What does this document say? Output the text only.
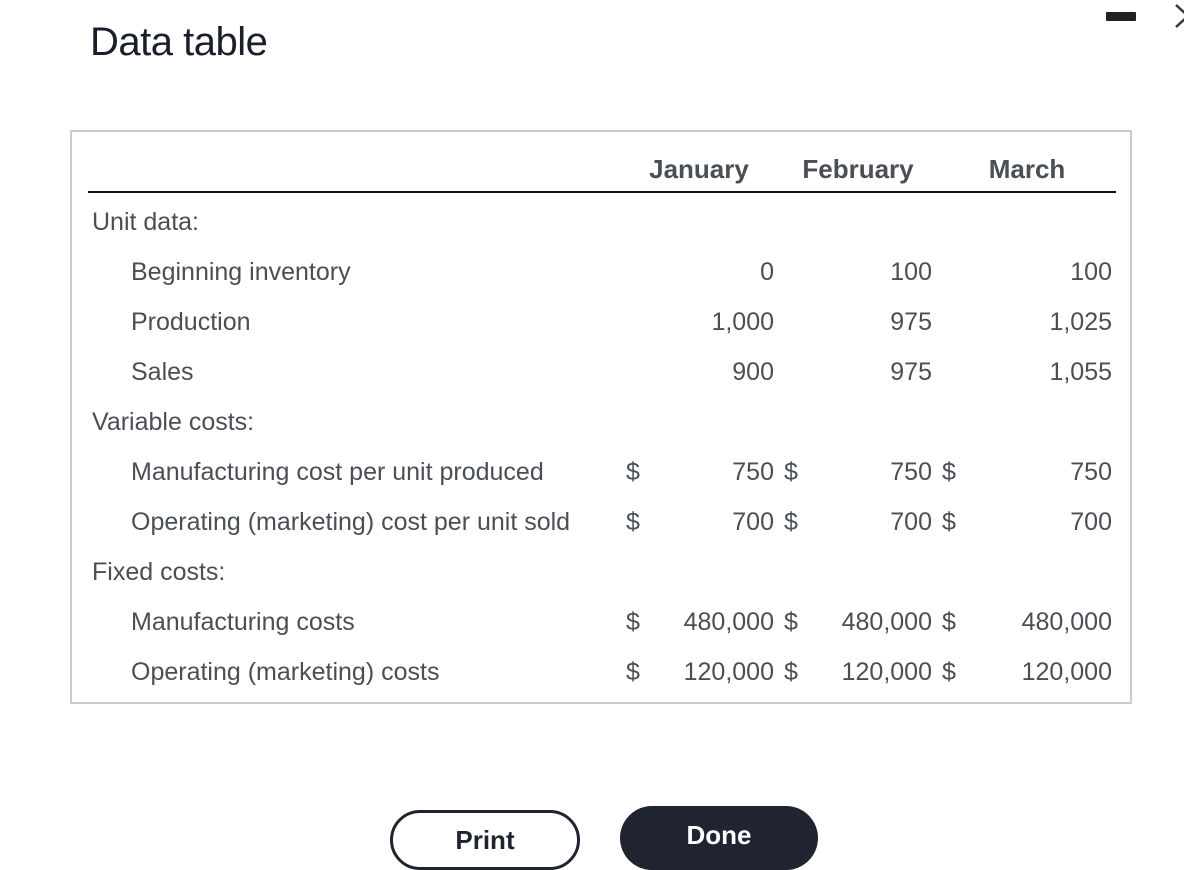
Data table
January	February	March
Unit data:
Beginning inventory	0	100	100
Production	1,000	975	1,025
Sales	900	975	1,055
Variable costs:
Manufacturing cost per unit produced	$	750 $	750 $	750
Operating (marketing) cost per unit sold $	700 $	700 $	700
Fixed costs:
Manufacturing costs	$	480,000 $	480,000 $	480,000
Operating (marketing) costs	$	120,000 $	120,000 $	120,000
Print	Done
